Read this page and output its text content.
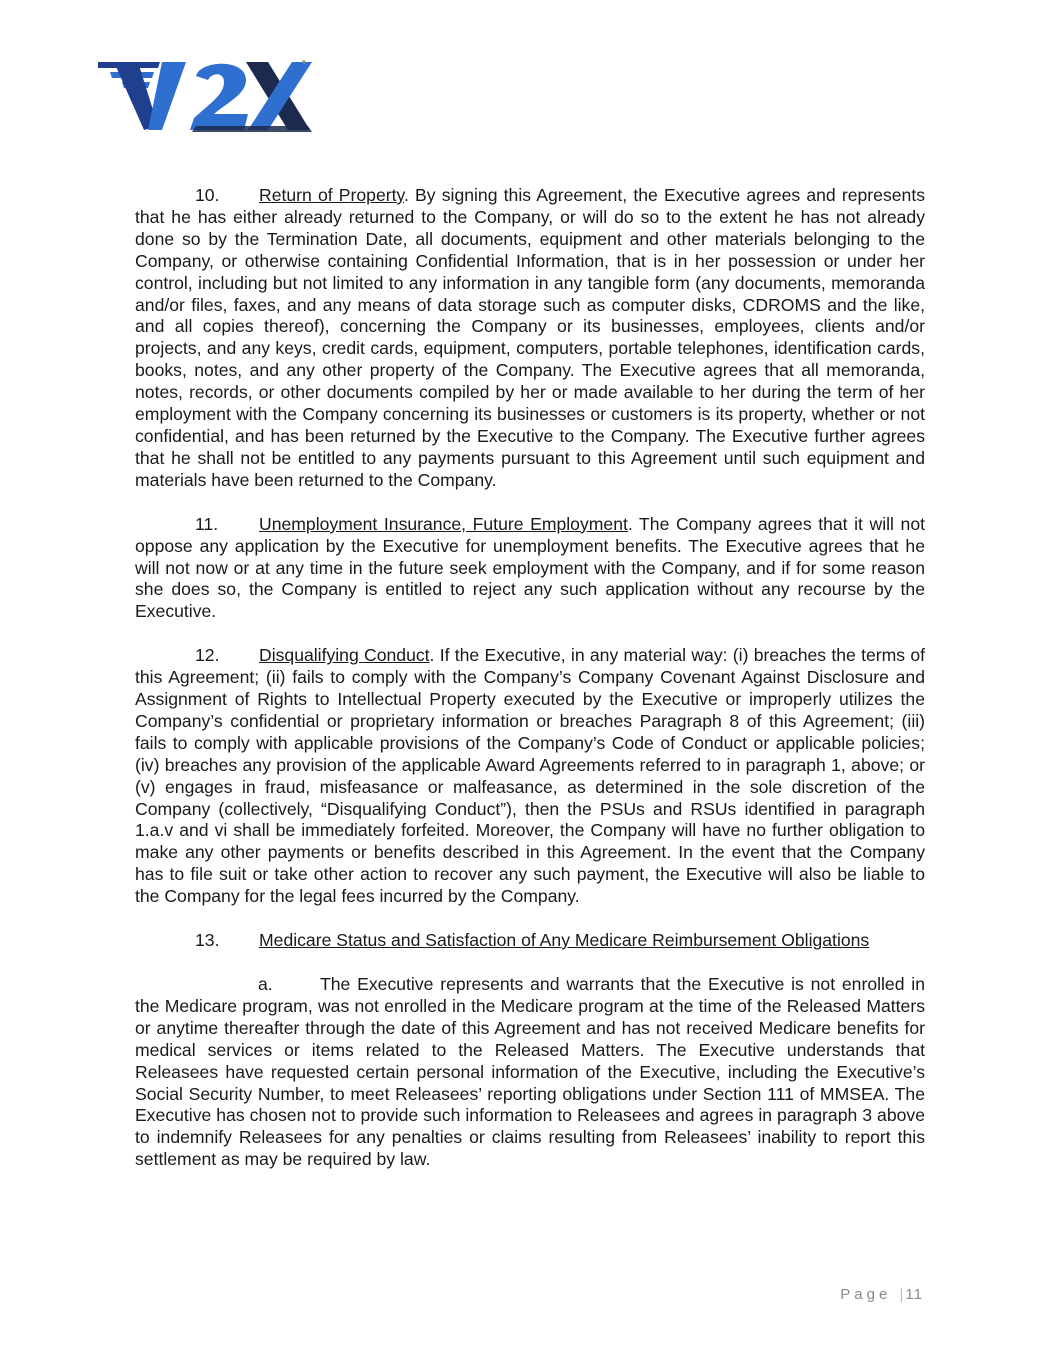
10. Return of Property. By signing this Agreement, the Executive agrees and represents that he has either already returned to the Company, or will do so to the extent he has not already done so by the Termination Date, all documents, equipment and other materials belonging to the Company, or otherwise containing Confidential Information, that is in her possession or under her control, including but not limited to any information in any tangible form (any documents, memoranda and/or files, faxes, and any means of data storage such as computer disks, CDROMS and the like, and all copies thereof), concerning the Company or its businesses, employees, clients and/or projects, and any keys, credit cards, equipment, computers, portable telephones, identification cards, books, notes, and any other property of the Company. The Executive agrees that all memoranda, notes, records, or other documents compiled by her or made available to her during the term of her employment with the Company concerning its businesses or customers is its property, whether or not confidential, and has been returned by the Executive to the Company. The Executive further agrees that he shall not be entitled to any payments pursuant to this Agreement until such equipment and materials have been returned to the Company.

11. Unemployment Insurance, Future Employment. The Company agrees that it will not oppose any application by the Executive for unemployment benefits. The Executive agrees that he will not now or at any time in the future seek employment with the Company, and if for some reason she does so, the Company is entitled to reject any such application without any recourse by the Executive.

12. Disqualifying Conduct. If the Executive, in any material way: (i) breaches the terms of this Agreement; (ii) fails to comply with the Company’s Company Covenant Against Disclosure and Assignment of Rights to Intellectual Property executed by the Executive or improperly utilizes the Company’s confidential or proprietary information or breaches Paragraph 8 of this Agreement; (iii) fails to comply with applicable provisions of the Company’s Code of Conduct or applicable policies; (iv) breaches any provision of the applicable Award Agreements referred to in paragraph 1, above; or (v) engages in fraud, misfeasance or malfeasance, as determined in the sole discretion of the Company (collectively, “Disqualifying Conduct”), then the PSUs and RSUs identified in paragraph 1.a.v and vi shall be immediately forfeited. Moreover, the Company will have no further obligation to make any other payments or benefits described in this Agreement. In the event that the Company has to file suit or take other action to recover any such payment, the Executive will also be liable to the Company for the legal fees incurred by the Company.

13. Medicare Status and Satisfaction of Any Medicare Reimbursement Obligations

a.	The Executive represents and warrants that the Executive is not enrolled in the Medicare program, was not enrolled in the Medicare program at the time of the Released Matters or anytime thereafter through the date of this Agreement and has not received Medicare benefits for medical services or items related to the Released Matters. The Executive understands that Releasees have requested certain personal information of the Executive, including the Executive’s Social Security Number, to meet Releasees’ reporting obligations under Section 111 of MMSEA. The Executive has chosen not to provide such information to Releasees and agrees in paragraph 3 above to indemnify Releasees for any penalties or claims resulting from Releasees’ inability to report this settlement as may be required by law.

Page |11
